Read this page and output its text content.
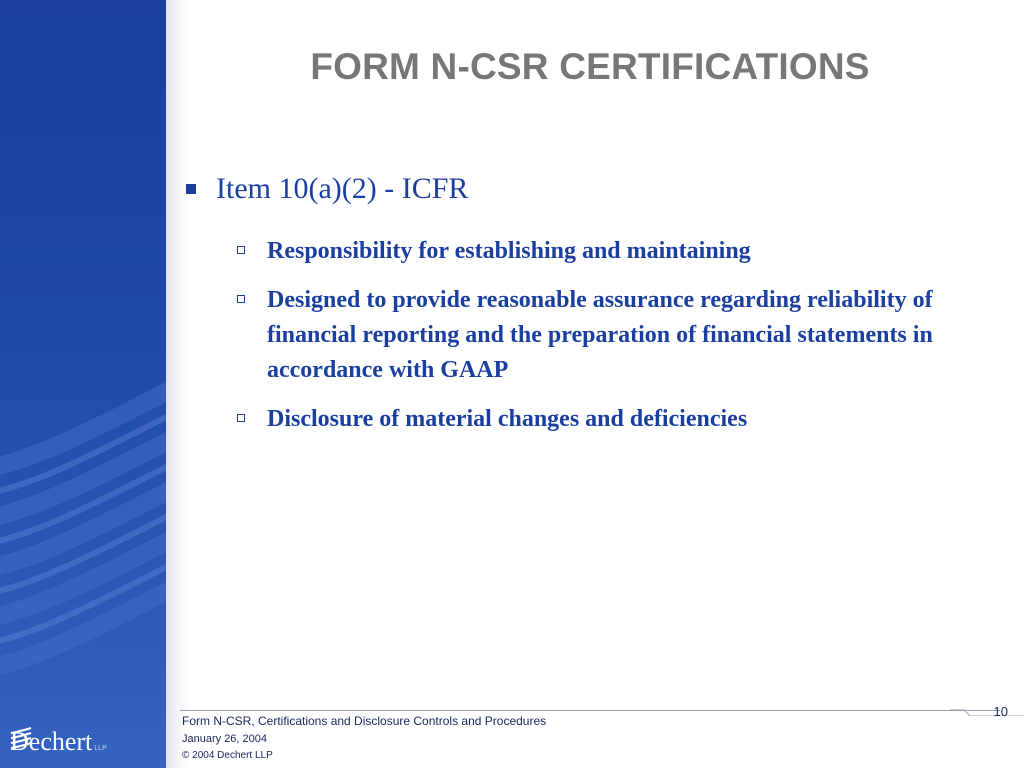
Dechert LLP
FORM N-CSR CERTIFICATIONS
Item 10(a)(2) - ICFR
Responsibility for establishing and maintaining
Designed to provide reasonable assurance regarding reliability of financial reporting and the preparation of financial statements in accordance with GAAP
Disclosure of material changes and deficiencies
10
Form N-CSR, Certifications and Disclosure Controls and Procedures
January 26, 2004
© 2004 Dechert LLP
